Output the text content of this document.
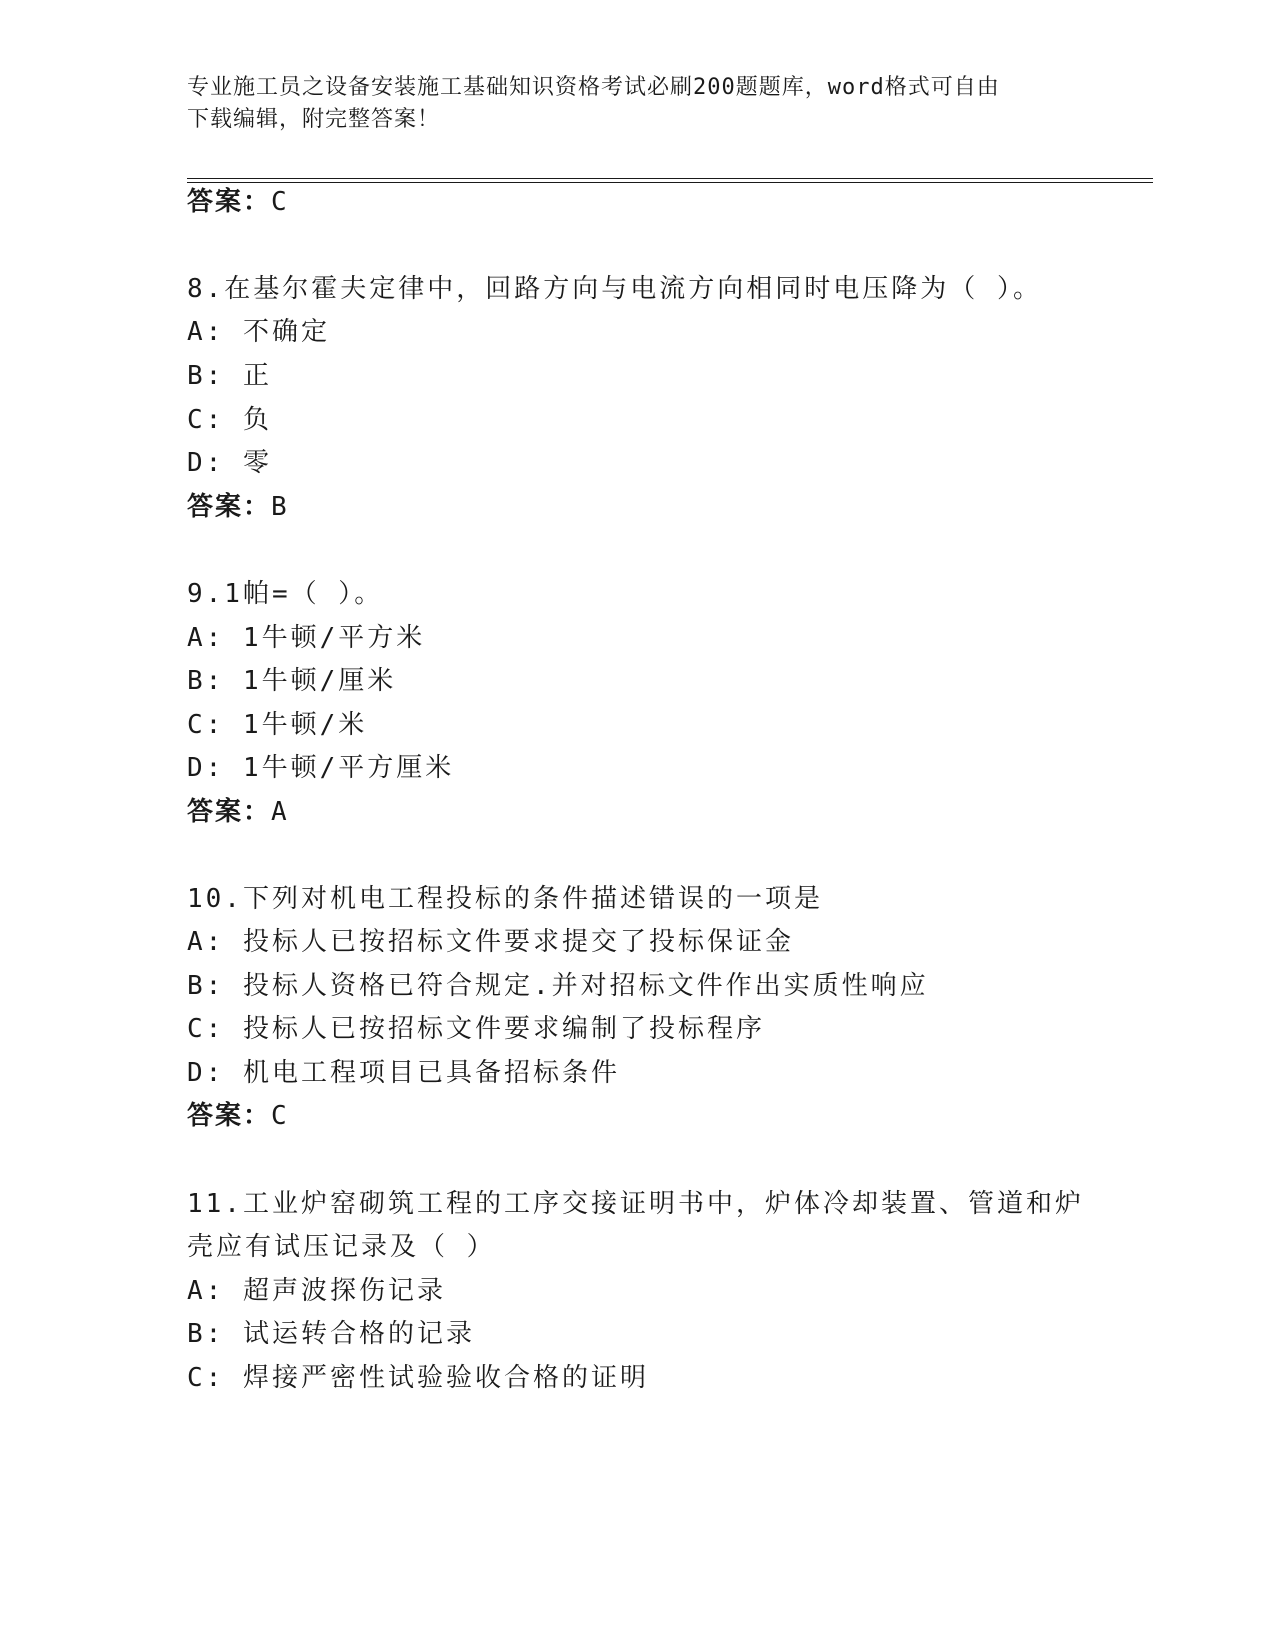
专业施工员之设备安装施工基础知识资格考试必刷200题题库，word格式可自由
下载编辑，附完整答案！
答案：C
8.在基尔霍夫定律中，回路方向与电流方向相同时电压降为（ ）。
A: 不确定
B: 正
C: 负
D: 零
答案：B
9.1帕=（ ）。
A: 1牛顿/平方米
B: 1牛顿/厘米
C: 1牛顿/米
D: 1牛顿/平方厘米
答案：A
10.下列对机电工程投标的条件描述错误的一项是
A: 投标人已按招标文件要求提交了投标保证金
B: 投标人资格已符合规定.并对招标文件作出实质性响应
C: 投标人已按招标文件要求编制了投标程序
D: 机电工程项目已具备招标条件
答案：C
11.工业炉窑砌筑工程的工序交接证明书中，炉体冷却装置、管道和炉
壳应有试压记录及（ ）
A: 超声波探伤记录
B: 试运转合格的记录
C: 焊接严密性试验验收合格的证明
